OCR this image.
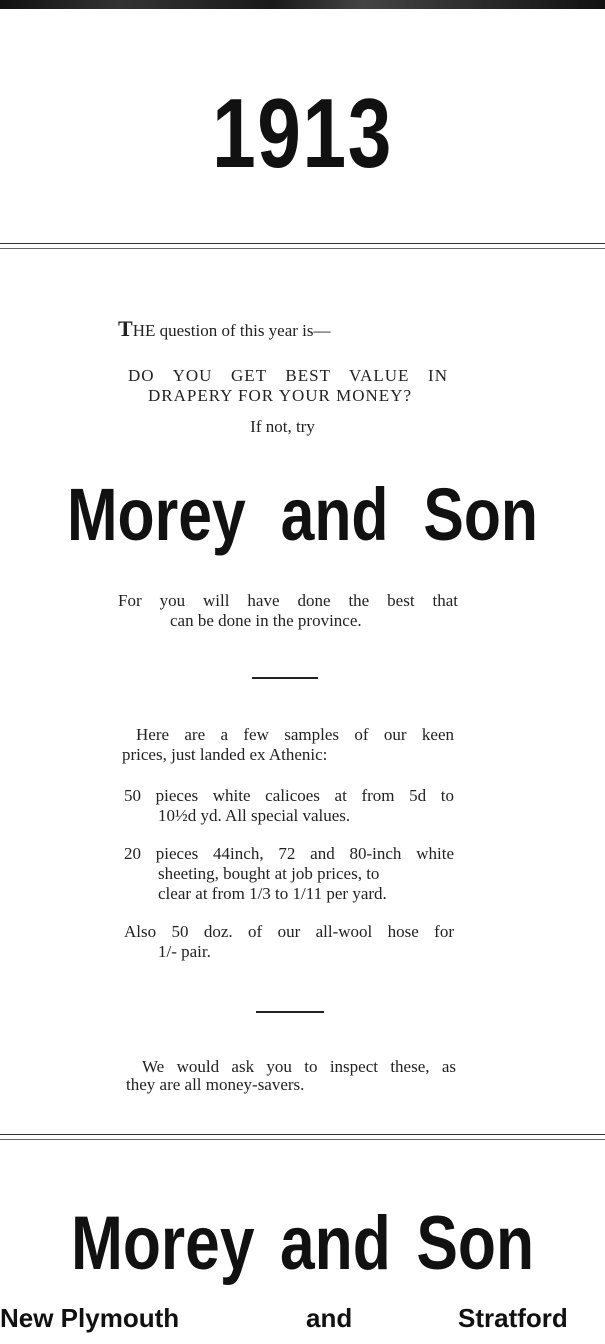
1913
THE question of this year is—
DO YOU GET BEST VALUE IN
DRAPERY FOR YOUR MONEY?
If not, try
Morey and Son
For you will have done the best that
can be done in the province.
Here are a few samples of our keen
prices, just landed ex Athenic:
50 pieces white calicoes at from 5d to
10½d yd. All special values.
20 pieces 44inch, 72 and 80-inch white
sheeting, bought at job prices, to
clear at from 1/3 to 1/11 per yard.
Also 50 doz. of our all-wool hose for
1/- pair.
We would ask you to inspect these, as
they are all money-savers.
Morey and Son
New Plymouth	and	Stratford
